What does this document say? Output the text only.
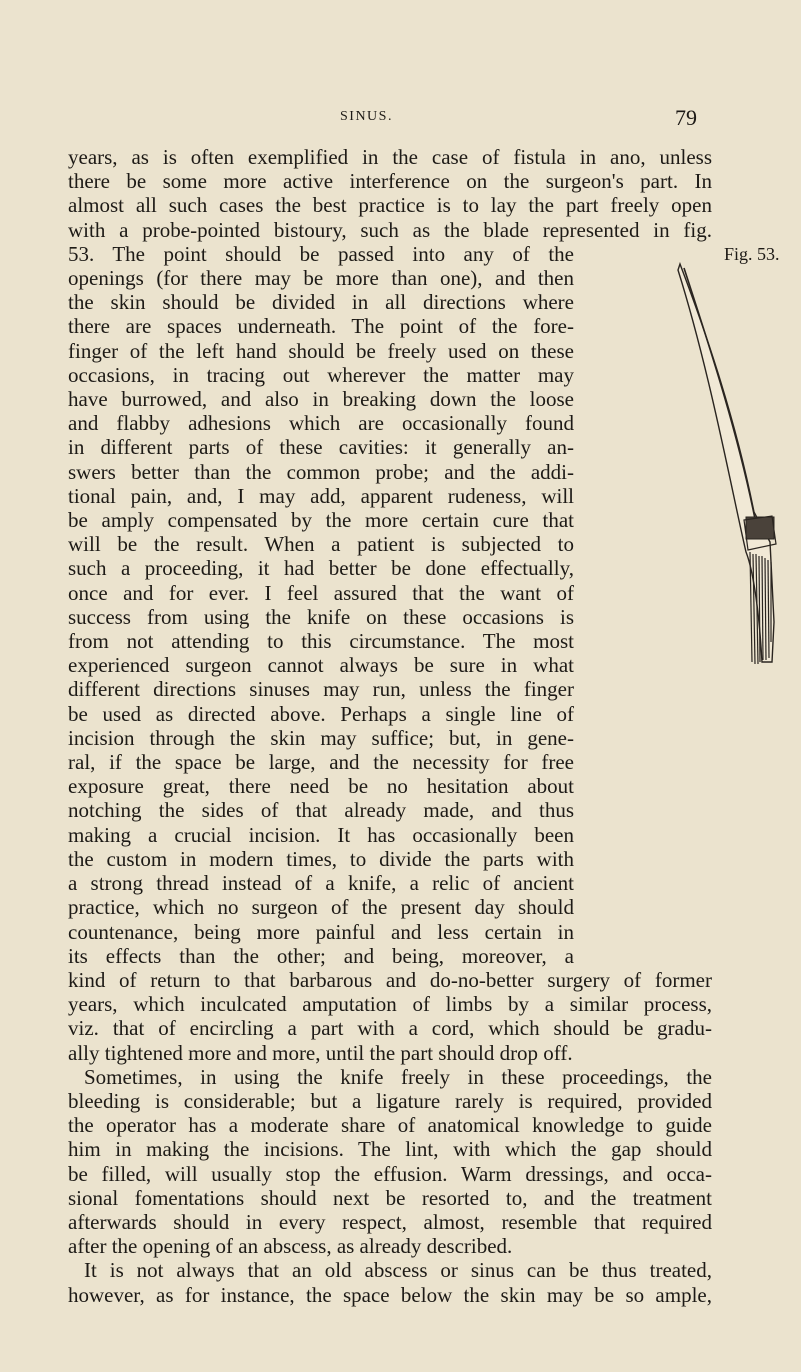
SINUS.	79
Fig. 53.
years, as is often exemplified in the case of fistula in ano, unless
there be some more active interference on the surgeon's part. In
almost all such cases the best practice is to lay the part freely open
with a probe-pointed bistoury, such as the blade represented in fig.
53. The point should be passed into any of the
openings (for there may be more than one), and then
the skin should be divided in all directions where
there are spaces underneath. The point of the fore-
finger of the left hand should be freely used on these
occasions, in tracing out wherever the matter may
have burrowed, and also in breaking down the loose
and flabby adhesions which are occasionally found
in different parts of these cavities: it generally an-
swers better than the common probe; and the addi-
tional pain, and, I may add, apparent rudeness, will
be amply compensated by the more certain cure that
will be the result. When a patient is subjected to
such a proceeding, it had better be done effectually,
once and for ever. I feel assured that the want of
success from using the knife on these occasions is
from not attending to this circumstance. The most
experienced surgeon cannot always be sure in what
different directions sinuses may run, unless the finger
be used as directed above. Perhaps a single line of
incision through the skin may suffice; but, in gene-
ral, if the space be large, and the necessity for free
exposure great, there need be no hesitation about
notching the sides of that already made, and thus
making a crucial incision. It has occasionally been
the custom in modern times, to divide the parts with
a strong thread instead of a knife, a relic of ancient
practice, which no surgeon of the present day should
countenance, being more painful and less certain in
its effects than the other; and being, moreover, a
kind of return to that barbarous and do-no-better surgery of former
years, which inculcated amputation of limbs by a similar process,
viz. that of encircling a part with a cord, which should be gradu-
ally tightened more and more, until the part should drop off.
Sometimes, in using the knife freely in these proceedings, the
bleeding is considerable; but a ligature rarely is required, provided
the operator has a moderate share of anatomical knowledge to guide
him in making the incisions. The lint, with which the gap should
be filled, will usually stop the effusion. Warm dressings, and occa-
sional fomentations should next be resorted to, and the treatment
afterwards should in every respect, almost, resemble that required
after the opening of an abscess, as already described.
It is not always that an old abscess or sinus can be thus treated,
however, as for instance, the space below the skin may be so ample,
